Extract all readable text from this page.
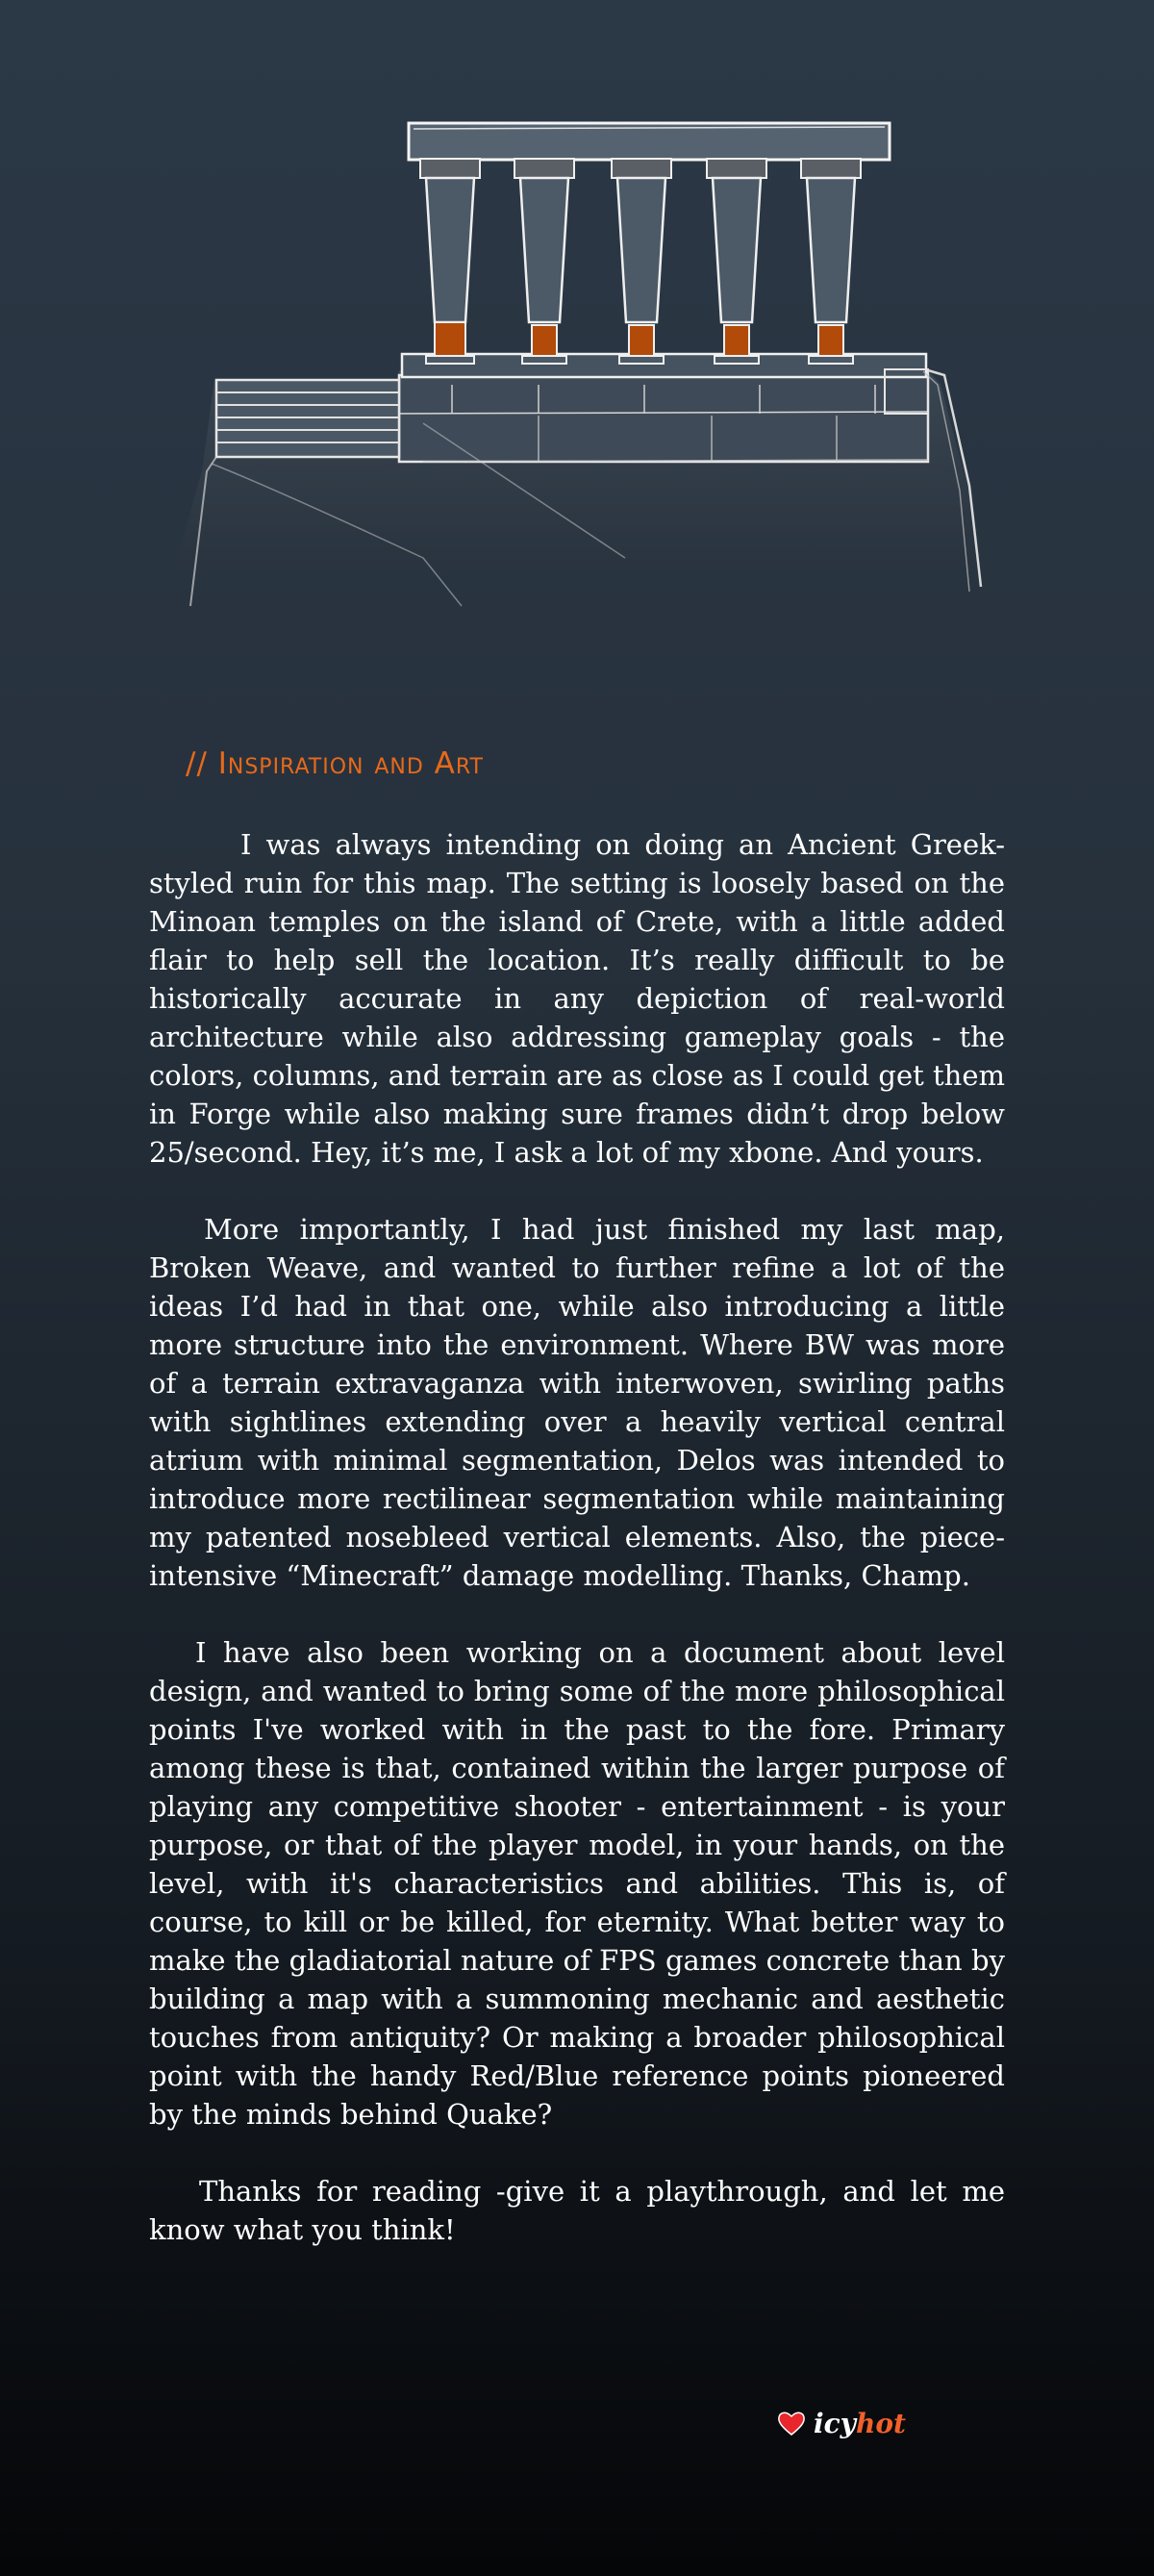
// Inspiration and Art

I was always intending on doing an Ancient Greek-styled ruin for this map. The setting is loosely based on the Minoan temples on the island of Crete, with a little added flair to help sell the location. It’s really difficult to be historically accurate in any depiction of real-world architecture while also addressing gameplay goals - the colors, columns, and terrain are as close as I could get them in Forge while also making sure frames didn’t drop below 25/second. Hey, it’s me, I ask a lot of my xbone. And yours.

More importantly, I had just finished my last map, Broken Weave, and wanted to further refine a lot of the ideas I’d had in that one, while also introducing a little more structure into the environment. Where BW was more of a terrain extravaganza with interwoven, swirling paths with sightlines extending over a heavily vertical central atrium with minimal segmentation, Delos was intended to introduce more rectilinear segmentation while maintaining my patented nosebleed vertical elements. Also, the piece-intensive “Minecraft” damage modelling. Thanks, Champ.

I have also been working on a document about level design, and wanted to bring some of the more philosophical points I've worked with in the past to the fore. Primary among these is that, contained within the larger purpose of playing any competitive shooter - entertainment - is your purpose, or that of the player model, in your hands, on the level, with it's characteristics and abilities. This is, of course, to kill or be killed, for eternity. What better way to make the gladiatorial nature of FPS games concrete than by building a map with a summoning mechanic and aesthetic touches from antiquity? Or making a broader philosophical point with the handy Red/Blue reference points pioneered by the minds behind Quake?

Thanks for reading -give it a playthrough, and let me know what you think!

icyhot
